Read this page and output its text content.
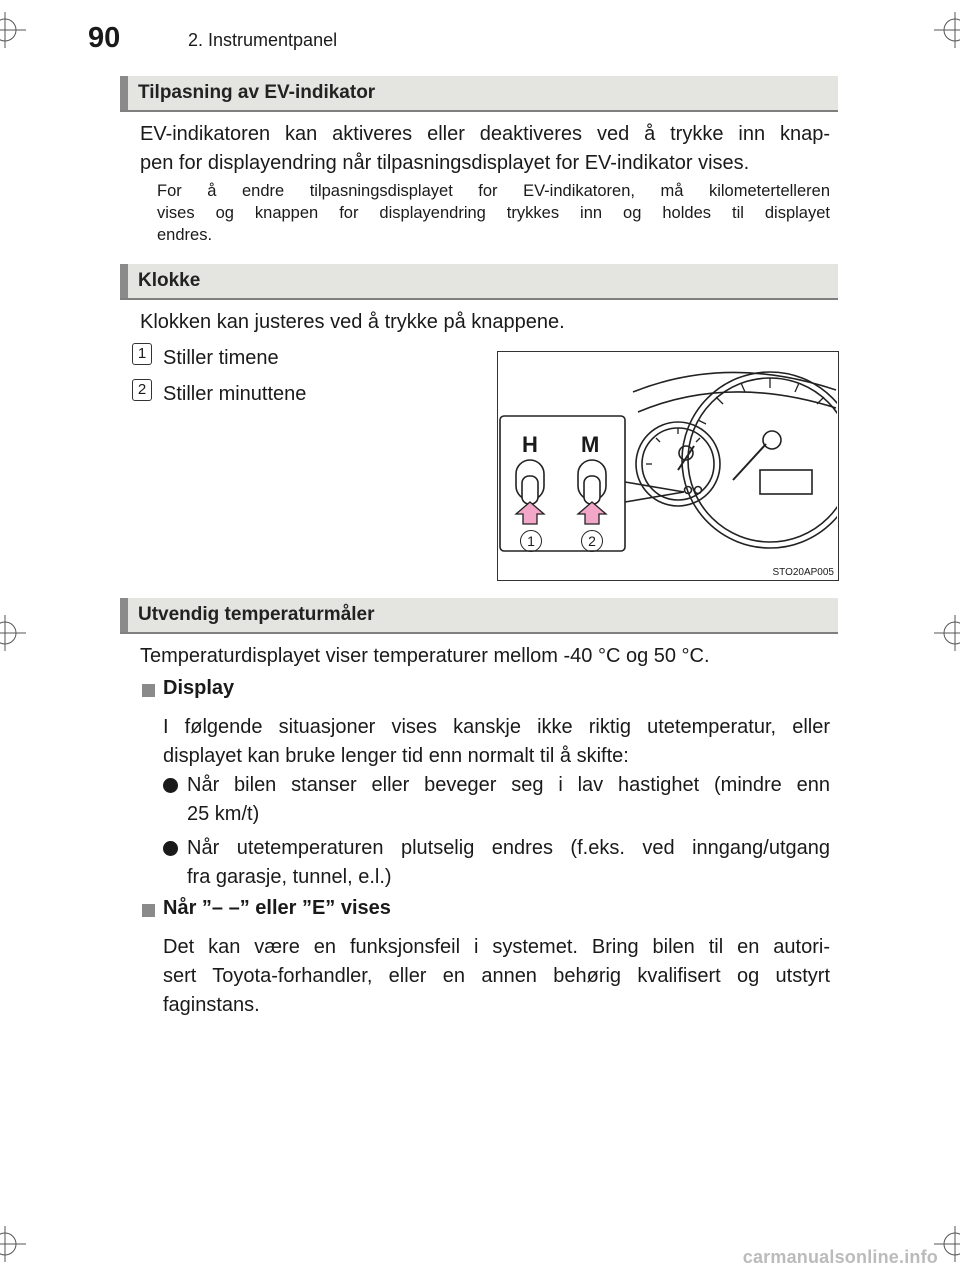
90	2. Instrumentpanel
Tilpasning av EV-indikator
EV-indikatoren kan aktiveres eller deaktiveres ved å trykke inn knap-
pen for displayendring når tilpasningsdisplayet for EV-indikator vises.
For å endre tilpasningsdisplayet for EV-indikatoren, må kilometertelleren
vises og knappen for displayendring trykkes inn og holdes til displayet
endres.
Klokke
Klokken kan justeres ved å trykke på knappene.
1 Stiller timene
2 Stiller minuttene
H M
1	2
STO20AP005
Utvendig temperaturmåler
Temperaturdisplayet viser temperaturer mellom -40 °C og 50 °C.
Display
I følgende situasjoner vises kanskje ikke riktig utetemperatur, eller
displayet kan bruke lenger tid enn normalt til å skifte:
Når bilen stanser eller beveger seg i lav hastighet (mindre enn
25 km/t)
Når utetemperaturen plutselig endres (f.eks. ved inngang/utgang
fra garasje, tunnel, e.l.)
Når ”– –” eller ”E” vises
Det kan være en funksjonsfeil i systemet. Bring bilen til en autori-
sert Toyota-forhandler, eller en annen behørig kvalifisert og utstyrt
faginstans.
carmanualsonline.info
